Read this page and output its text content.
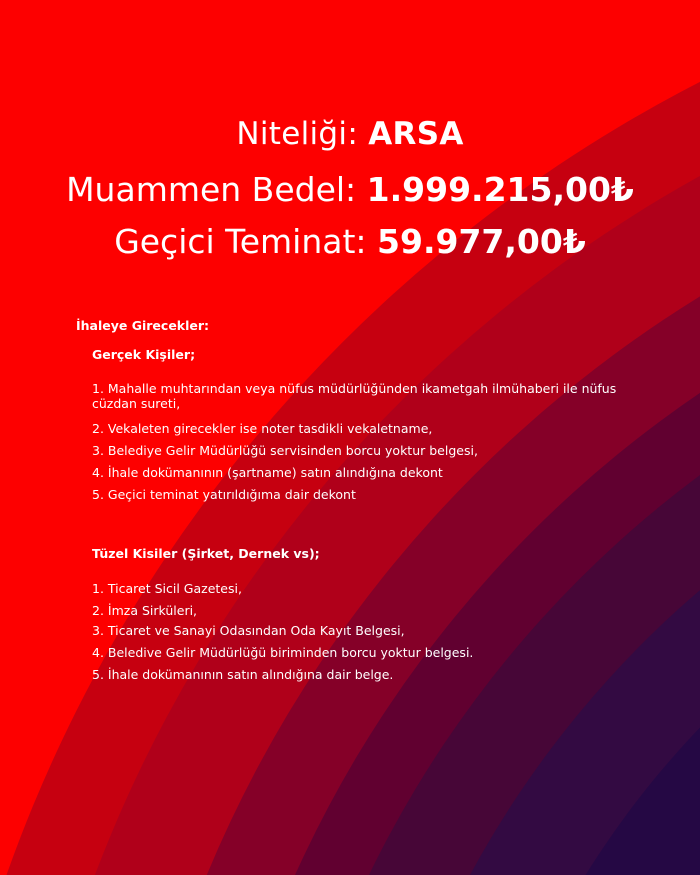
Niteliği: ARSA
Muammen Bedel: 1.999.215,00₺
Geçici Teminat: 59.977,00₺
İhaleye Girecekler:
Gerçek Kişiler;
1. Mahalle muhtarından veya nüfus müdürlüğünden ikametgah ilmühaberi ile nüfus cüzdan sureti,
2. Vekaleten girecekler ise noter tasdikli vekaletname,
3. Belediye Gelir Müdürlüğü servisinden borcu yoktur belgesi,
4. İhale dokümanının (şartname) satın alındığına dekont
5. Geçici teminat yatırıldığıma dair dekont
Tüzel Kisiler (Şirket, Dernek vs);
1. Ticaret Sicil Gazetesi,
2. İmza Sirküleri,
3. Ticaret ve Sanayi Odasından Oda Kayıt Belgesi,
4. Beledive Gelir Müdürlüğü biriminden borcu yoktur belgesi.
5. İhale dokümanının satın alındığına dair belge.
